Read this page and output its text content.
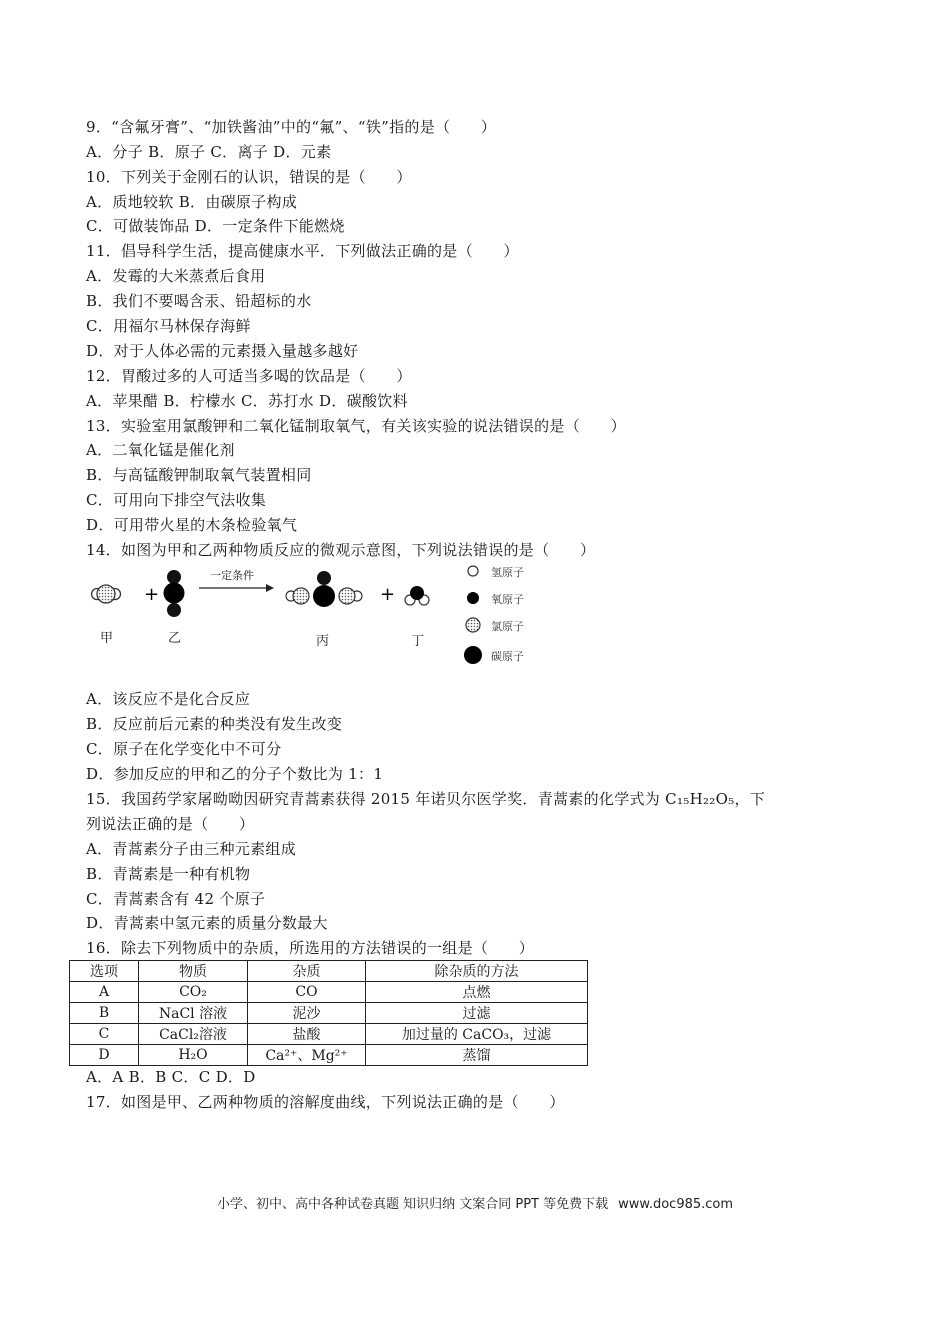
9．“含氟牙膏”、“加铁酱油”中的“氟”、“铁”指的是（　　）
A．分子 B．原子 C．离子 D．元素
10．下列关于金刚石的认识，错误的是（　　）
A．质地较软 B．由碳原子构成
C．可做装饰品 D．一定条件下能燃烧
11．倡导科学生活，提高健康水平．下列做法正确的是（　　）
A．发霉的大米蒸煮后食用
B．我们不要喝含汞、铅超标的水
C．用福尔马林保存海鲜
D．对于人体必需的元素摄入量越多越好
12．胃酸过多的人可适当多喝的饮品是（　　）
A．苹果醋 B．柠檬水 C．苏打水 D．碳酸饮料
13．实验室用氯酸钾和二氧化锰制取氧气，有关该实验的说法错误的是（　　）
A．二氧化锰是催化剂
B．与高锰酸钾制取氧气装置相同
C．可用向下排空气法收集
D．可用带火星的木条检验氧气
14．如图为甲和乙两种物质反应的微观示意图，下列说法错误的是（　　）
+	+
一定条件
甲	乙	丙	丁
氢原子
氧原子
氯原子
碳原子
A．该反应不是化合反应
B．反应前后元素的种类没有发生改变
C．原子在化学变化中不可分
D．参加反应的甲和乙的分子个数比为 1：1
15．我国药学家屠呦呦因研究青蒿素获得 2015 年诺贝尔医学奖．青蒿素的化学式为 C₁₅H₂₂O₅，下
列说法正确的是（　　）
A．青蒿素分子由三种元素组成
B．青蒿素是一种有机物
C．青蒿素含有 42 个原子
D．青蒿素中氢元素的质量分数最大
16．除去下列物质中的杂质，所选用的方法错误的一组是（　　）
选项	物质	杂质	除杂质的方法
A	CO₂	CO	点燃
B	NaCl 溶液	泥沙	过滤
C	CaCl₂溶液	盐酸	加过量的 CaCO₃，过滤
D	H₂O	Ca²⁺、Mg²⁺	蒸馏
A．A B．B C．C D．D
17．如图是甲、乙两种物质的溶解度曲线，下列说法正确的是（　　）
小学、初中、高中各种试卷真题 知识归纳 文案合同 PPT 等免费下载 www.doc985.com
